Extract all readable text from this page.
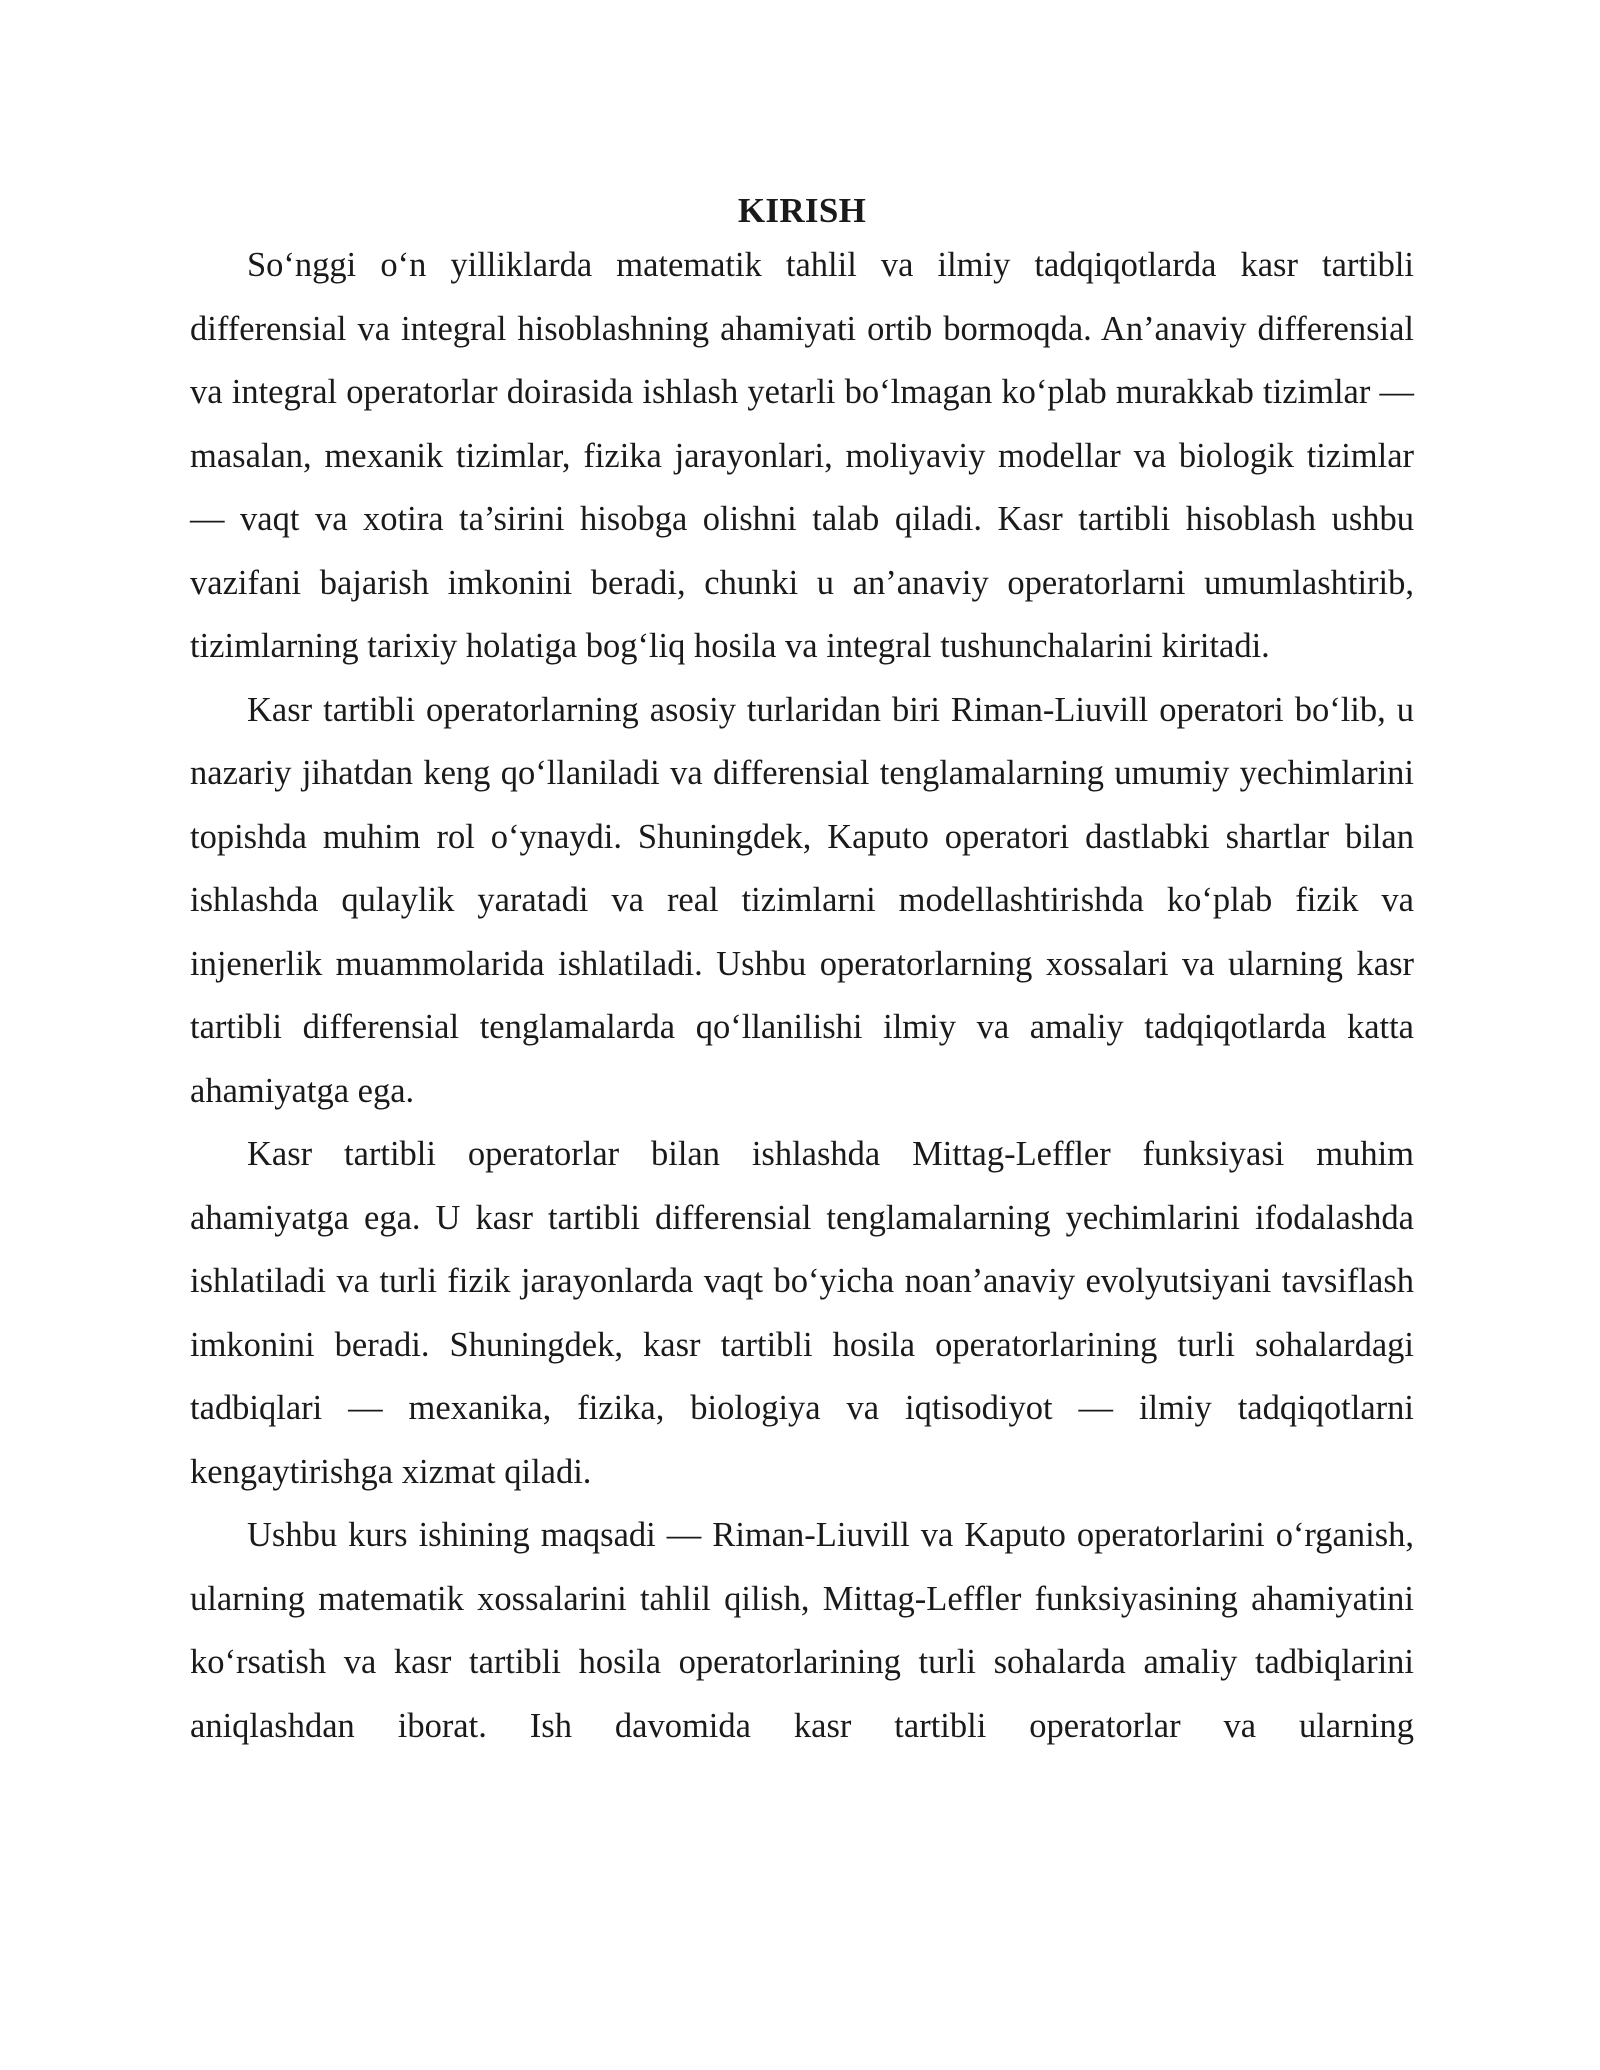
KIRISH

So‘nggi o‘n yilliklarda matematik tahlil va ilmiy tadqiqotlarda kasr tartibli differensial va integral hisoblashning ahamiyati ortib bormoqda. An’anaviy differensial va integral operatorlar doirasida ishlash yetarli bo‘lmagan ko‘plab murakkab tizimlar — masalan, mexanik tizimlar, fizika jarayonlari, moliyaviy modellar va biologik tizimlar — vaqt va xotira ta’sirini hisobga olishni talab qiladi. Kasr tartibli hisoblash ushbu vazifani bajarish imkonini beradi, chunki u an’anaviy operatorlarni umumlashtirib, tizimlarning tarixiy holatiga bog‘liq hosila va integral tushunchalarini kiritadi.

Kasr tartibli operatorlarning asosiy turlaridan biri Riman-Liuvill operatori bo‘lib, u nazariy jihatdan keng qo‘llaniladi va differensial tenglamalarning umumiy yechimlarini topishda muhim rol o‘ynaydi. Shuningdek, Kaputo operatori dastlabki shartlar bilan ishlashda qulaylik yaratadi va real tizimlarni modellashtirishda ko‘plab fizik va injenerlik muammolarida ishlatiladi. Ushbu operatorlarning xossalari va ularning kasr tartibli differensial tenglamalarda qo‘llanilishi ilmiy va amaliy tadqiqotlarda katta ahamiyatga ega.

Kasr tartibli operatorlar bilan ishlashda Mittag-Leffler funksiyasi muhim ahamiyatga ega. U kasr tartibli differensial tenglamalarning yechimlarini ifodalashda ishlatiladi va turli fizik jarayonlarda vaqt bo‘yicha noan’anaviy evolyutsiyani tavsiflash imkonini beradi. Shuningdek, kasr tartibli hosila operatorlarining turli sohalardagi tadbiqlari — mexanika, fizika, biologiya va iqtisodiyot — ilmiy tadqiqotlarni kengaytirishga xizmat qiladi.

Ushbu kurs ishining maqsadi — Riman-Liuvill va Kaputo operatorlarini o‘rganish, ularning matematik xossalarini tahlil qilish, Mittag-Leffler funksiyasining ahamiyatini ko‘rsatish va kasr tartibli hosila operatorlarining turli sohalarda amaliy tadbiqlarini aniqlashdan iborat. Ish davomida kasr tartibli operatorlar va ularning
